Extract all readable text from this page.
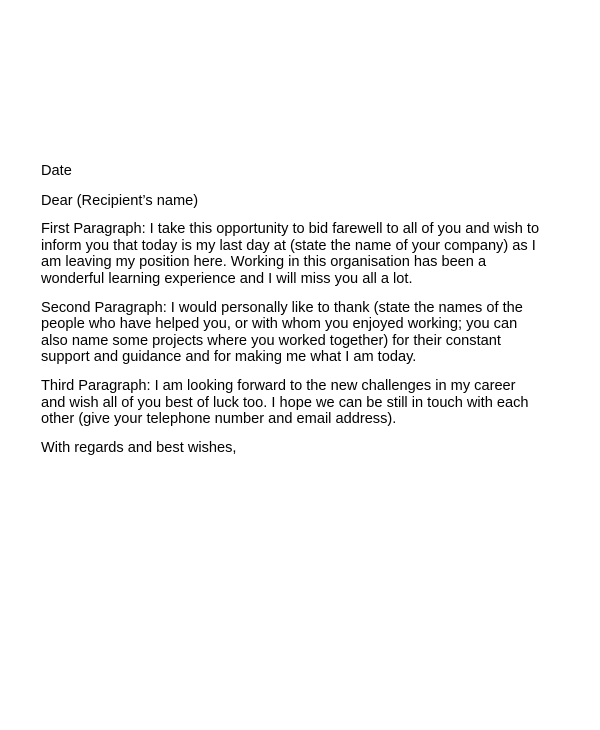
Date

Dear (Recipient’s name)

First Paragraph: I take this opportunity to bid farewell to all of you and wish to
inform you that today is my last day at (state the name of your company) as I
am leaving my position here. Working in this organisation has been a
wonderful learning experience and I will miss you all a lot.

Second Paragraph: I would personally like to thank (state the names of the
people who have helped you, or with whom you enjoyed working; you can
also name some projects where you worked together) for their constant
support and guidance and for making me what I am today.

Third Paragraph: I am looking forward to the new challenges in my career
and wish all of you best of luck too. I hope we can be still in touch with each
other (give your telephone number and email address).

With regards and best wishes,
